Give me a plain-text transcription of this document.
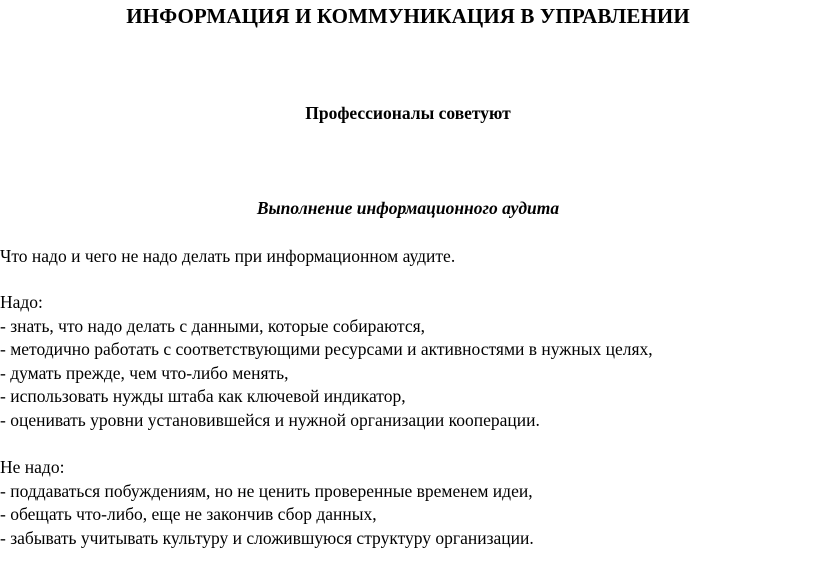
ИНФОРМАЦИЯ И КОММУНИКАЦИЯ В УПРАВЛЕНИИ
Профессионалы советуют
Выполнение информационного аудита
Что надо и чего не надо делать при информационном аудите.
Надо:
- знать, что надо делать с данными, которые собираются,
- методично работать с соответствующими ресурсами и активностями в нужных целях,
- думать прежде, чем что-либо менять,
- использовать нужды штаба как ключевой индикатор,
- оценивать уровни установившейся и нужной организации кооперации.
Не надо:
- поддаваться побуждениям, но не ценить проверенные временем идеи,
- обещать что-либо, еще не закончив сбор данных,
- забывать учитывать культуру и сложившуюся структуру организации.
